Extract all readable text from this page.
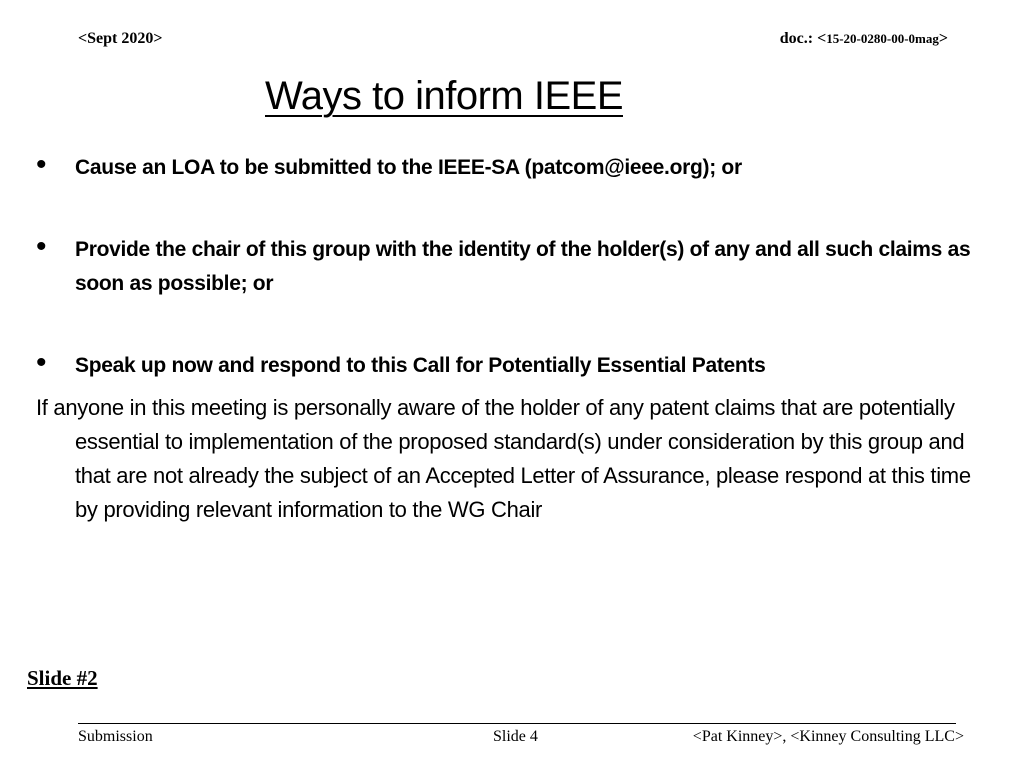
<Sept 2020>	doc.: <15-20-0280-00-0mag>
Ways to inform IEEE
• Cause an LOA to be submitted to the IEEE-SA (patcom@ieee.org); or
• Provide the chair of this group with the identity of the holder(s) of any and all such claims as soon as possible; or
• Speak up now and respond to this Call for Potentially Essential Patents
If anyone in this meeting is personally aware of the holder of any patent claims that are potentially essential to implementation of the proposed standard(s) under consideration by this group and that are not already the subject of an Accepted Letter of Assurance, please respond at this time by providing relevant information to the WG Chair
Slide #2
Submission	Slide 4	<Pat Kinney>, <Kinney Consulting LLC>
